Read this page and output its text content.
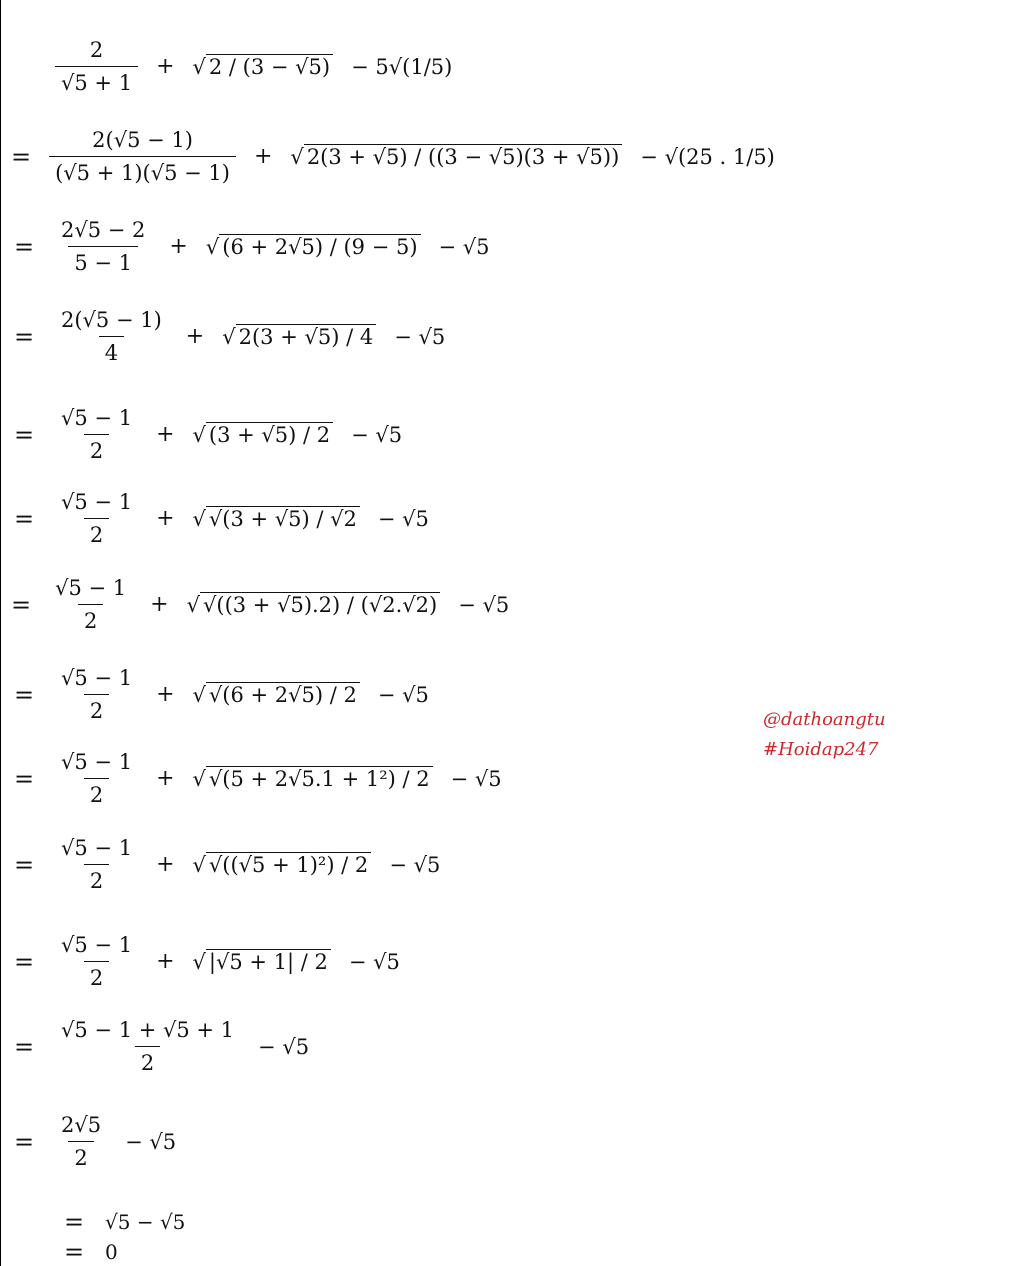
$\frac{2}{√5 + 1}$ + √ 2 / (3 − √5) − 5√(1/5)
= $\frac{2(√5 - 1)}{(√5 + 1)(√5 - 1)}$ + √ 2(3 + √5) / ((3 − √5)(3 + √5)) − √(25 . 1/5)
= $\frac{2√5 - 2}{5 - 1}$ + √ (6 + 2√5) / (9 − 5) − √5
= $\frac{2(√5 - 1)}{4}$ + √ 2(3 + √5) / 4 − √5
= $\frac{√5 - 1}{2}$ + √ (3 + √5) / 2 − √5
= $\frac{√5 - 1}{2}$ + √ √(3 + √5) / √2 − √5
= $\frac{√5 - 1}{2}$ + √ √((3 + √5).2) / (√2.√2) − √5
= $\frac{√5 - 1}{2}$ + √ √(6 + 2√5) / 2 − √5
= $\frac{√5 - 1}{2}$ + √ √(5 + 2√5.1 + 1²) / 2 − √5
= $\frac{√5 - 1}{2}$ + √ √((√5 + 1)²) / 2 − √5
= $\frac{√5 - 1}{2}$ + √ |√5 + 1| / 2 − √5
= $\frac{√5 - 1 + √5 + 1}{2} - √5$
= $\frac{2√5}{2} - √5$
= √5 − √5
= 0
@dathoangtu
#Hoidap247
